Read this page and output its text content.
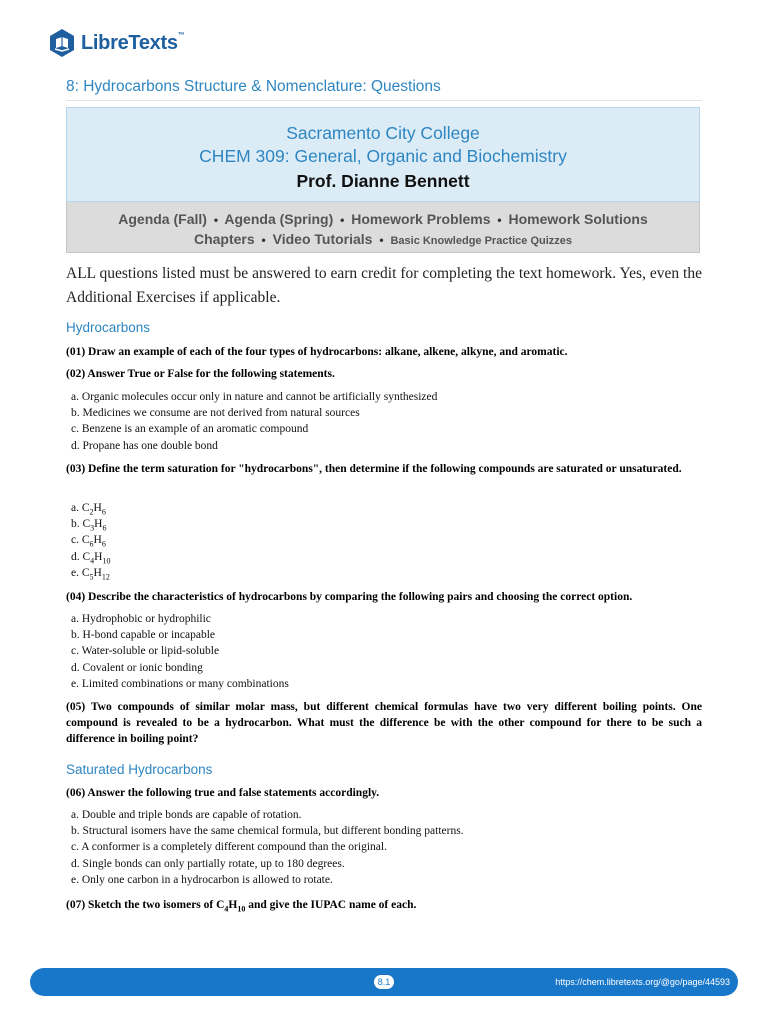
LibreTexts™
8: Hydrocarbons Structure & Nomenclature: Questions
Sacramento City College
CHEM 309: General, Organic and Biochemistry
Prof. Dianne Bennett
Agenda (Fall) • Agenda (Spring) • Homework Problems • Homework Solutions
Chapters • Video Tutorials • Basic Knowledge Practice Quizzes
ALL questions listed must be answered to earn credit for completing the text homework. Yes, even the Additional Exercises if applicable.
Hydrocarbons
(01) Draw an example of each of the four types of hydrocarbons: alkane, alkene, alkyne, and aromatic.
(02) Answer True or False for the following statements.
a. Organic molecules occur only in nature and cannot be artificially synthesized
b. Medicines we consume are not derived from natural sources
c. Benzene is an example of an aromatic compound
d. Propane has one double bond
(03) Define the term saturation for "hydrocarbons", then determine if the following compounds are saturated or unsaturated.
a. $C_2H_6$
b. $C_3H_6$
c. $C_6H_6$
d. $C_4H_{10}$
e. $C_5H_{12}$
(04) Describe the characteristics of hydrocarbons by comparing the following pairs and choosing the correct option.
a. Hydrophobic or hydrophilic
b. H-bond capable or incapable
c. Water-soluble or lipid-soluble
d. Covalent or ionic bonding
e. Limited combinations or many combinations
(05) Two compounds of similar molar mass, but different chemical formulas have two very different boiling points. One compound is revealed to be a hydrocarbon. What must the difference be with the other compound for there to be such a difference in boiling point?
Saturated Hydrocarbons
(06) Answer the following true and false statements accordingly.
a. Double and triple bonds are capable of rotation.
b. Structural isomers have the same chemical formula, but different bonding patterns.
c. A conformer is a completely different compound than the original.
d. Single bonds can only partially rotate, up to 180 degrees.
e. Only one carbon in a hydrocarbon is allowed to rotate.
(07) Sketch the two isomers of $C_4H_{10}$ and give the IUPAC name of each.
8.1	https://chem.libretexts.org/@go/page/44593
